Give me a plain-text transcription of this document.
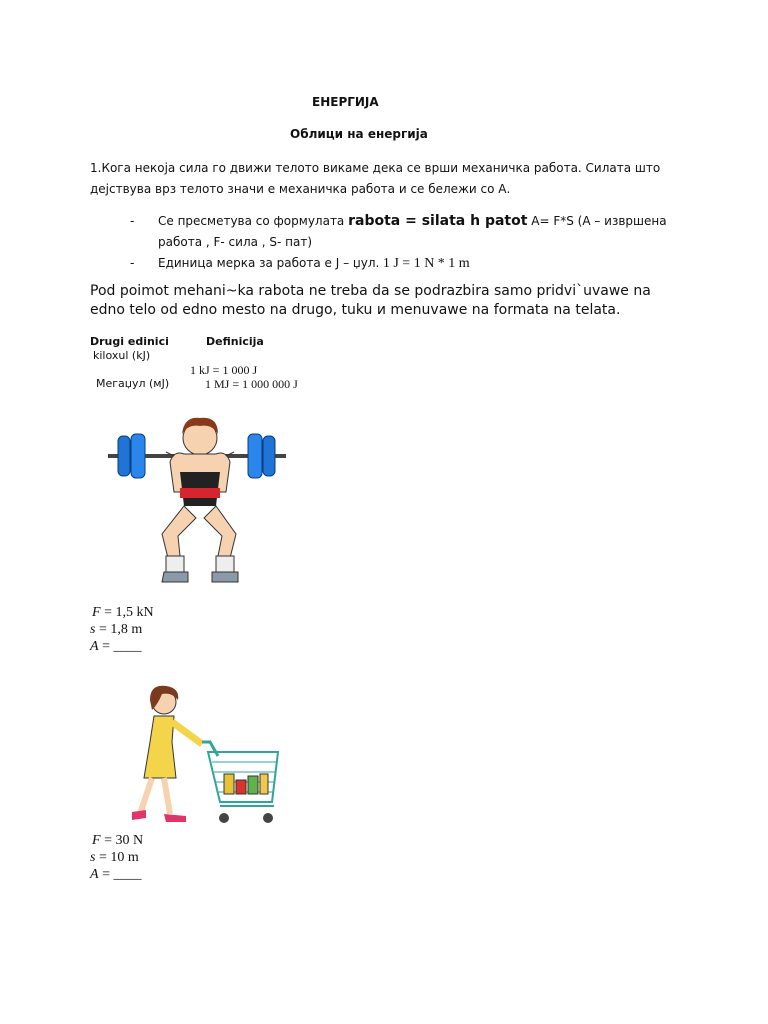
ЕНЕРГИЈА
Облици на енергија
1.Кога некоја сила го движи телото викаме дека се врши механичка работа. Силата што дејствува врз телото значи е механичка работа и се бележи со А.
- Се пресметува со формулата rabota = silata h patot A= F*S (A – извршена
работа , F- сила , S- пат)
- Единица мерка за работа е J – џул. 1 J = 1 N * 1 m
Pod poimot mehani~ka rabota ne treba da se podrazbira samo pridvi`uvawe na edno telo od edno mesto na drugo, tuku и menuvawe na formata na telata.
Drugi edinici	Definicija
kiloxul (kJ)
1 kJ = 1 000 J
Мегаџул (мЈ)	1 MJ = 1 000 000 J
F = 1,5 kN
s = 1,8 m
A = ____
F = 30 N
s = 10 m
A = ____
